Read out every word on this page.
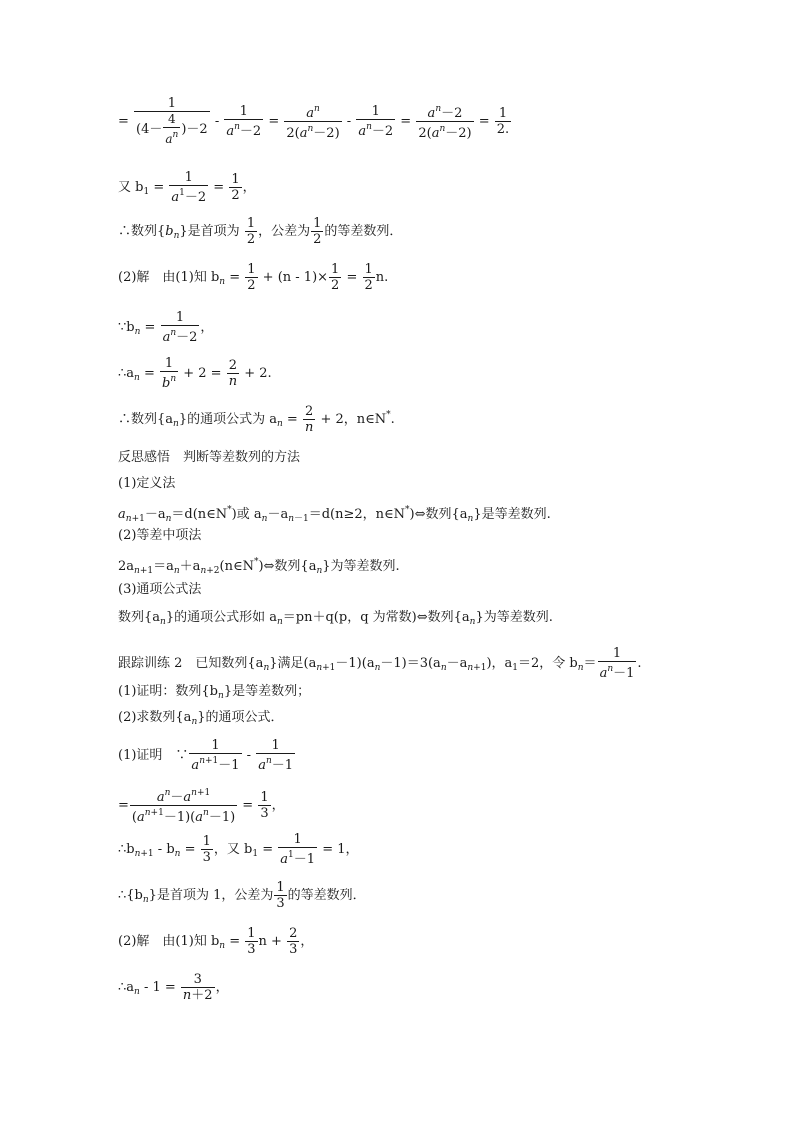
= $\frac{1}{(4- \frac{4}{a^n} )-2} - \frac{1}{a^n-2} = \frac{a^n}{2(a^n-2)} - \frac{1}{a^n-2} = \frac{a^n-2}{2(a^n-2)} = \frac{1}{2.}$
又 $b_1 = \frac{1}{a^1-2} = \frac{1}{2}$ ，
∴数列$\{b_n\}$是首项为 $\frac{1}{2}$ ，公差为 $\frac{1}{2}$ 的等差数列．
(2)解　由(1)知 $b_n = \frac{1}{2} + (n - 1)\times \frac{1}{2} = \frac{1}{2} n$.
$\because b_n = \frac{1}{a^n-2}$ ，
$\therefore a_n = \frac{1}{b^n} + 2 = \frac{2}{n} + 2$.
∴数列$\{a_n\}$的通项公式为 $a_n = \frac{2}{n} + 2$，n∈N*.
反思感悟　判断等差数列的方法
(1)定义法
$a_{n+1}-a_n=d(n\in N^*)$或 $a_n-a_{n-1}=d(n\ge 2$，n∈N*)⇔数列$\{a_n\}$是等差数列.
(2)等差中项法
$2a_{n+1}=a_n+a_{n+2}(n\in N^*)\Leftrightarrow$数列$\{a_n\}$为等差数列.
(3)通项公式法
数列$\{a_n\}$的通项公式形如 $a_n=pn+q(p$，q 为常数)⇔数列$\{a_n\}$为等差数列.
跟踪训练 2　已知数列$\{a_n\}$满足$(a_{n+1}-1)(a_n-1)=3(a_n-a_{n+1})$，$a_1=2$，令 $b_n= \frac{1}{a^n-1}$ .
(1)证明：数列$\{b_n\}$是等差数列；
(2)求数列$\{a_n\}$的通项公式．
(1)证明　∵ $\frac{1}{a^{n+1}-1} - \frac{1}{a^n-1}$
= $\frac{a^n-a^{n+1}}{(a^{n+1}-1)(a^n-1)} = \frac{1}{3}$ ，
$\therefore b_{n+1} - b_n = \frac{1}{3}$ ，又 $b_1 = \frac{1}{a^1-1} = 1$，
$\therefore\{b_n\}$是首项为 1，公差为 $\frac{1}{3}$ 的等差数列．
(2)解　由(1)知 $b_n = \frac{1}{3}$ $n + \frac{2}{3}$ ，
$\therefore a_n - 1 = \frac{3}{n+2}$ ，
